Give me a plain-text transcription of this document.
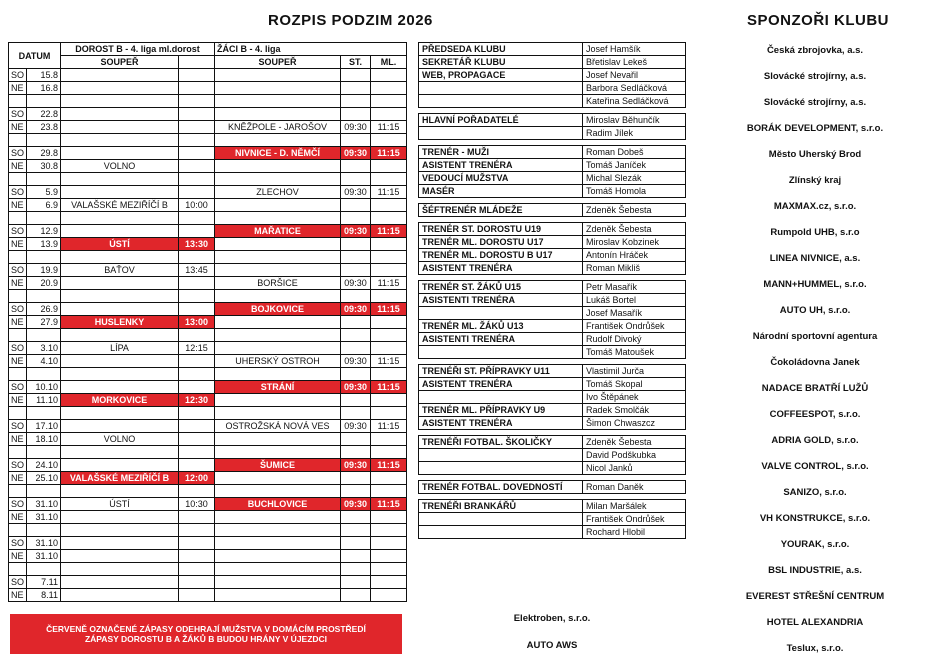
ROZPIS PODZIM 2026	SPONZOŘI KLUBU
DATUM		DOROST B - 4. liga ml.dorost		ŽÁCI B - 4. liga		
		SOUPEŘ		SOUPEŘ	ST.	ML.
SO	15.8					
NE	16.8					

SO	22.8					
NE	23.8			KNĚŽPOLE - JAROŠOV	09:30	11:15

SO	29.8			NIVNICE - D. NĚMČÍ	09:30	11:15
NE	30.8	VOLNO				

SO	5.9			ZLECHOV	09:30	11:15
NE	6.9	VALAŠSKÉ MEZIŘÍČÍ B	10:00			

SO	12.9			MAŘATICE	09:30	11:15
NE	13.9	ÚSTÍ	13:30			

SO	19.9	BAŤOV	13:45			
NE	20.9			BORŠICE	09:30	11:15

SO	26.9			BOJKOVICE	09:30	11:15
NE	27.9	HUSLENKY	13:00			

SO	3.10	LÍPA	12:15			
NE	4.10			UHERSKÝ OSTROH	09:30	11:15

SO	10.10			STRÁNÍ	09:30	11:15
NE	11.10	MORKOVICE	12:30			

SO	17.10			OSTROŽSKÁ NOVÁ VES	09:30	11:15
NE	18.10	VOLNO				

SO	24.10			ŠUMICE	09:30	11:15
NE	25.10	VALAŠSKÉ MEZIŘÍČÍ B	12:00			

SO	31.10	ÚSTÍ	10:30	BUCHLOVICE	09:30	11:15
NE	31.10					

SO	31.10					
NE	31.10					

SO	7.11					
NE	8.11					
ČERVENĚ OZNAČENÉ ZÁPASY ODEHRAJÍ MUŽSTVA V DOMÁCÍM PROSTŘEDÍ
ZÁPASY DOROSTU B A ŽÁKŮ B BUDOU HRÁNY V ÚJEZDCI
PŘEDSEDA KLUBU	Josef Hamšík
SEKRETÁŘ KLUBU	Břetislav Lekeš
WEB, PROPAGACE	Josef Nevařil
Barbora Sedláčková
Kateřina Sedláčková
HLAVNÍ POŘADATELÉ	Miroslav Běhunčík
Radim Jílek
TRENÉR - MUŽI	Roman Dobeš
ASISTENT TRENÉRA	Tomáš Janíček
VEDOUCÍ MUŽSTVA	Michal Slezák
MASÉR	Tomáš Homola
ŠÉFTRENÉR MLÁDEŽE	Zdeněk Šebesta
TRENÉR ST. DOROSTU U19	Zdeněk Šebesta
TRENÉR ML. DOROSTU U17	Miroslav Kobzinek
TRENÉR ML. DOROSTU B U17	Antonín Hráček
ASISTENT TRENÉRA	Roman Mikliš
TRENÉR ST. ŽÁKŮ U15	Petr Masařík
ASISTENTI TRENÉRA	Lukáš Bortel
Josef Masařík
TRENÉR ML. ŽÁKŮ U13	František Ondrůšek
ASISTENTI TRENÉRA	Rudolf Divoký
Tomáš Matoušek
TRENÉŘI ST. PŘÍPRAVKY U11	Vlastimil Jurča
ASISTENT TRENÉRA	Tomáš Skopal
Ivo Štěpánek
TRENÉR ML. PŘÍPRAVKY U9	Radek Smolčák
ASISTENT TRENÉRA	Šimon Chwaszcz
TRENÉŘI FOTBAL. ŠKOLIČKY	Zdeněk Šebesta
David Podškubka
Nicol Janků
TRENÉR FOTBAL. DOVEDNOSTÍ	Roman Daněk
TRENÉŘI BRANKÁŘŮ	Milan Maršálek
František Ondrůšek
Rochard Hlobil
Česká zbrojovka, a.s.
Slovácké strojírny, a.s.
Slovácké strojírny, a.s.
BORÁK DEVELOPMENT, s.r.o.
Město Uherský Brod
Zlínský kraj
MAXMAX.cz, s.r.o.
Rumpold UHB, s.r.o
LINEA NIVNICE, a.s.
MANN+HUMMEL, s.r.o.
AUTO UH, s.r.o.
Národní sportovní agentura
Čokoládovna Janek
NADACE BRATŘÍ LUŽŮ
COFFEESPOT, s.r.o.
ADRIA GOLD, s.r.o.
VALVE CONTROL, s.r.o.
SANIZO, s.r.o.
VH KONSTRUKCE, s.r.o.
YOURAK, s.r.o.
BSL INDUSTRIE, a.s.
EVEREST STŘEŠNÍ CENTRUM
HOTEL ALEXANDRIA
Teslux, s.r.o.
Elektroben, s.r.o.
AUTO AWS
